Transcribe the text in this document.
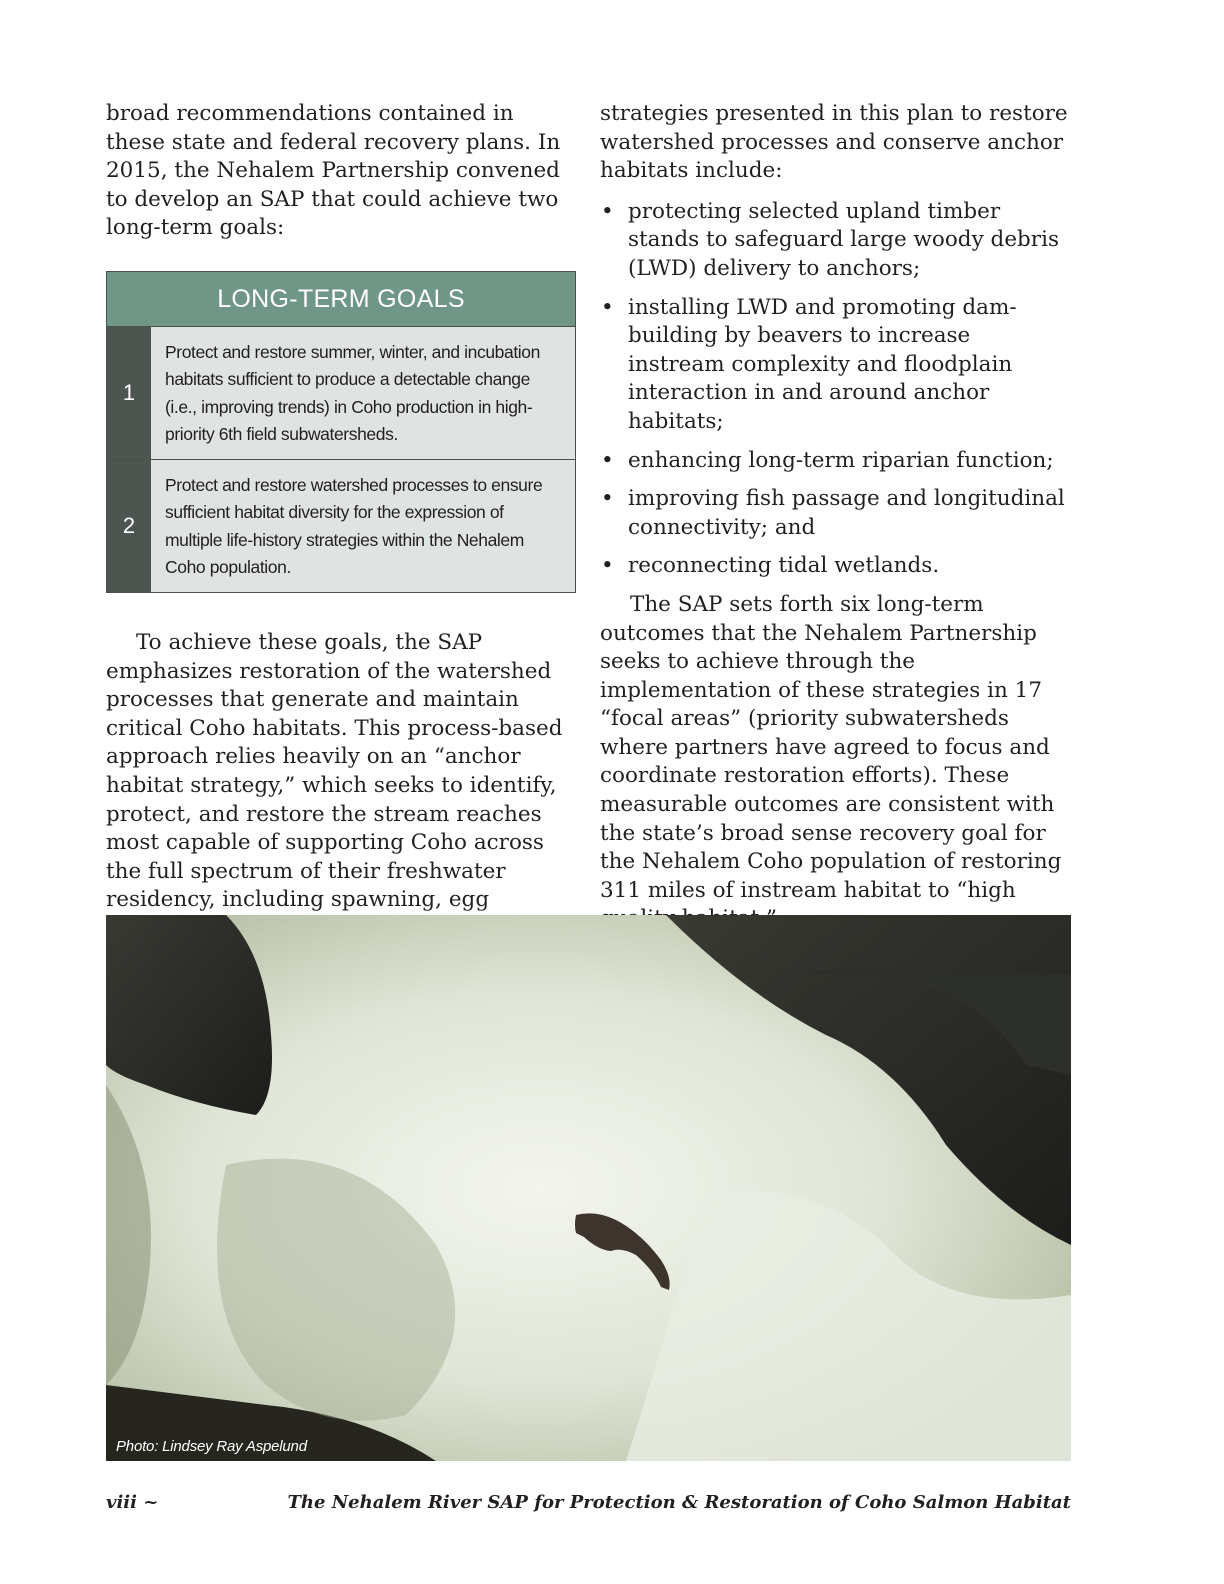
broad recommendations contained in these state and federal recovery plans. In 2015, the Nehalem Partnership convened to develop an SAP that could achieve two long-term goals:

LONG-TERM GOALS
1
Protect and restore summer, winter, and incubation habitats sufficient to produce a detectable change (i.e., improving trends) in Coho production in high-priority 6th field subwatersheds.
2
Protect and restore watershed processes to ensure sufficient habitat diversity for the expression of multiple life-history strategies within the Nehalem Coho population.

To achieve these goals, the SAP emphasizes restoration of the watershed processes that generate and maintain critical Coho habitats. This process-based approach relies heavily on an “anchor habitat strategy,” which seeks to identify, protect, and restore the stream reaches most capable of supporting Coho across the full spectrum of their freshwater residency, including spawning, egg

strategies presented in this plan to restore watershed processes and conserve anchor habitats include:

• protecting selected upland timber stands to safeguard large woody debris (LWD) delivery to anchors;
• installing LWD and promoting dam-building by beavers to increase instream complexity and floodplain interaction in and around anchor habitats;
• enhancing long-term riparian function;
• improving fish passage and longitudinal connectivity; and
• reconnecting tidal wetlands.

The SAP sets forth six long-term outcomes that the Nehalem Partnership seeks to achieve through the implementation of these strategies in 17 “focal areas” (priority subwatersheds where partners have agreed to focus and coordinate restoration efforts). These measurable outcomes are consistent with the state’s broad sense recovery goal for the Nehalem Coho population of restoring 311 miles of instream habitat to “high

Photo: Lindsey Ray Aspelund
viii ~	The Nehalem River SAP for Protection & Restoration of Coho Salmon Habitat
